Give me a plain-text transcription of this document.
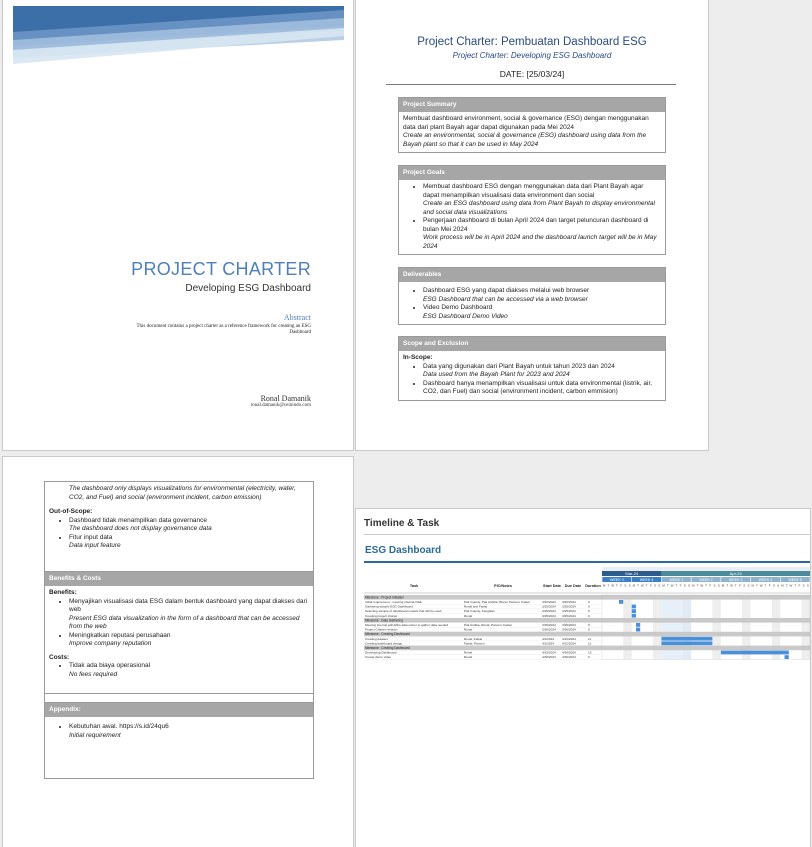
PROJECT CHARTER
Developing ESG Dashboard
Abstract
This document contains a project charter as a reference framework for creating an ESG Dashboard
Ronal Damanik
ronal.damanik@ceinindo.com
Project Charter: Pembuatan Dashboard ESG
Project Charter: Developing ESG Dashboard
DATE: [25/03/24]
Project Summary
Membuat dashboard environment, social & governance (ESG) dengan menggunakan data dari plant Bayah agar dapat digunakan pada Mei 2024
Create an environmental, social & governance (ESG) dashboard using data from the Bayah plant so that it can be used in May 2024
Project Goals
• Membuat dashboard ESG dengan menggunakan data dari Plant Bayah agar dapat menampilkan visualisasi data environment dan social
Create an ESG dashboard using data from Plant Bayah to display environmental and social data visualizations
• Pengerjaan dashboard di bulan April 2024 dan target peluncuran dashboard di bulan Mei 2024
Work process will be in April 2024 and the dashboard launch target will be in May 2024
Deliverables
• Dashboard ESG yang dapat diakses melalui web browser
ESG Dashboard that can be accessed via a web browser
• Video Demo Dashboard
ESG Dashboard Demo Video
Scope and Exclusion
In-Scope:
• Data yang digunakan dari Plant Bayah untuk tahun 2023 dan 2024
Data used from the Bayah Plant for 2023 and 2024
• Dashboard hanya menampilkan visualisasi untuk data environmental (listrik, air, CO2, dan Fuel) dan social (environment incident, carbon emmision)
The dashboard only displays visualizations for environmental (electricity, water, CO2, and Fuel) and social (environment incident, carbon emission)
Out-of-Scope:
• Dashboard tidak menampilkan data governance
The dashboard does not display governance data
• Fitur input data
Data input feature
Benefits & Costs
Benefits:
• Menyajikan visualisasi data ESG dalam bentuk dashboard yang dapat diakses dari web
Present ESG data visualization in the form of a dashboard that can be accessed from the web
• Meningkatkan reputasi perusahaan
Improve company reputation
Costs:
• Tidak ada biaya operasional
No fees required
Appendix:
• Kebutuhan awal. https://s.id/24qu6
Initial requirement
Timeline & Task
ESG Dashboard
Mar-24	Apr-24
WEEK 3	WEEK 4	WEEK 1	WEEK 2	WEEK 3	WEEK 4	WEEK 5
M T W T F S S M T W T F S S M T W T F S S M T W T F S S M T W T F S S M T W T F S S M T W T F S S
Task	PIC/Notes	Start Date Due Date Duration
Milestone : Project Initiation
Initial requirement - meeting internal OAE	Pak Irvandy, Pak Andrita, Bisnur Pamuni, Faisal	3/22/2024 3/22/2024	0
Gathering sample ESG Dashboard	Ronal and Faisal	3/25/2024 3/25/2024	0
Selecting sample of dashboard models that will be used	Pak Irvandy, Fangalan	3/25/2024 3/25/2024	0
Creating project charter	Ronal	3/25/2024 3/25/2024	0
Milestone : Data Gathering
Meeting internal with ESG data owner to gather data needed	Pak Andika, Ronal, Pamuni, Faisal	3/26/2024 3/26/2024	0
Project Charter revision	Ronal	3/26/2024 3/26/2024	0
Milestone : Creating Dashboard
Creating dataset	Ronal, Faisal	4/1/2024	4/12/2024	11
Creating dashboard design	Faisal, Pamuni	4/1/2024	4/12/2024	11
Milestone : Creating Dashboard
Developing Dashboard	Ronal	4/15/2024 4/30/2024	15
Create demo video	Ronal	4/30/2024 4/30/2024	0
